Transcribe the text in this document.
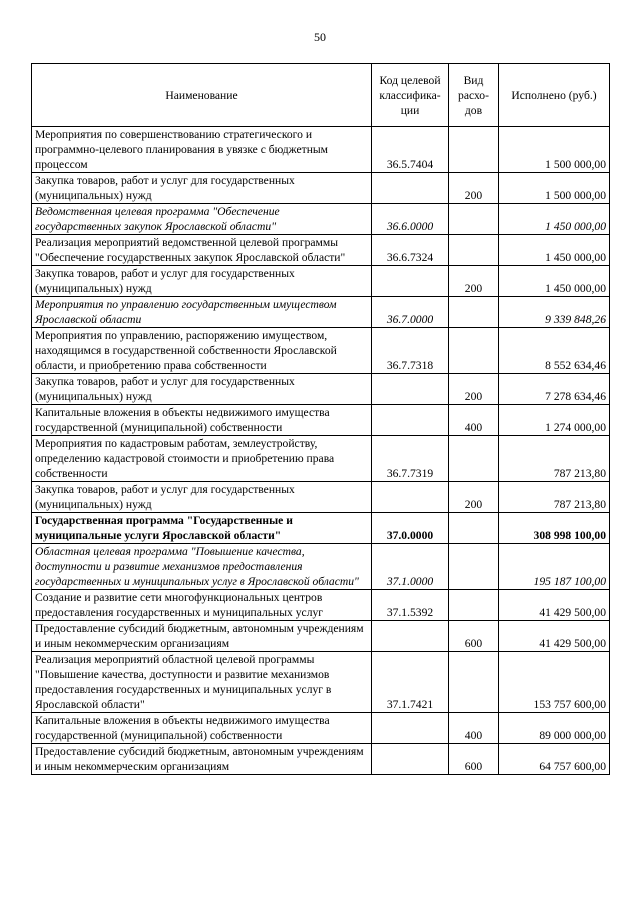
50
Наименование	Код целевой классифика-ции	Вид расхо-дов	Исполнено (руб.)
Мероприятия по совершенствованию стратегического и программно-целевого планирования в увязке с бюджетным процессом	36.5.7404		1 500 000,00
Закупка товаров, работ и услуг для государственных (муниципальных) нужд		200	1 500 000,00
Ведомственная целевая программа "Обеспечение государственных закупок Ярославской области"	36.6.0000		1 450 000,00
Реализация мероприятий ведомственной целевой программы "Обеспечение государственных закупок Ярославской области"	36.6.7324		1 450 000,00
Закупка товаров, работ и услуг для государственных (муниципальных) нужд		200	1 450 000,00
Мероприятия по управлению государственным имуществом Ярославской области	36.7.0000		9 339 848,26
Мероприятия по управлению, распоряжению имуществом, находящимся в государственной собственности Ярославской области, и приобретению права собственности	36.7.7318		8 552 634,46
Закупка товаров, работ и услуг для государственных (муниципальных) нужд		200	7 278 634,46
Капитальные вложения в объекты недвижимого имущества государственной (муниципальной) собственности		400	1 274 000,00
Мероприятия по кадастровым работам, землеустройству, определению кадастровой стоимости и приобретению права собственности	36.7.7319		787 213,80
Закупка товаров, работ и услуг для государственных (муниципальных) нужд		200	787 213,80
Государственная программа "Государственные и муниципальные услуги Ярославской области"	37.0.0000		308 998 100,00
Областная целевая программа "Повышение качества, доступности и развитие механизмов предоставления государственных и муниципальных услуг в Ярославской области"	37.1.0000		195 187 100,00
Создание и развитие сети многофункциональных центров предоставления государственных и муниципальных услуг	37.1.5392		41 429 500,00
Предоставление субсидий бюджетным, автономным учреждениям и иным некоммерческим организациям		600	41 429 500,00
Реализация мероприятий областной целевой программы "Повышение качества, доступности и развитие механизмов предоставления государственных и муниципальных услуг в Ярославской области"	37.1.7421		153 757 600,00
Капитальные вложения в объекты недвижимого имущества государственной (муниципальной) собственности		400	89 000 000,00
Предоставление субсидий бюджетным, автономным учреждениям и иным некоммерческим организациям		600	64 757 600,00
